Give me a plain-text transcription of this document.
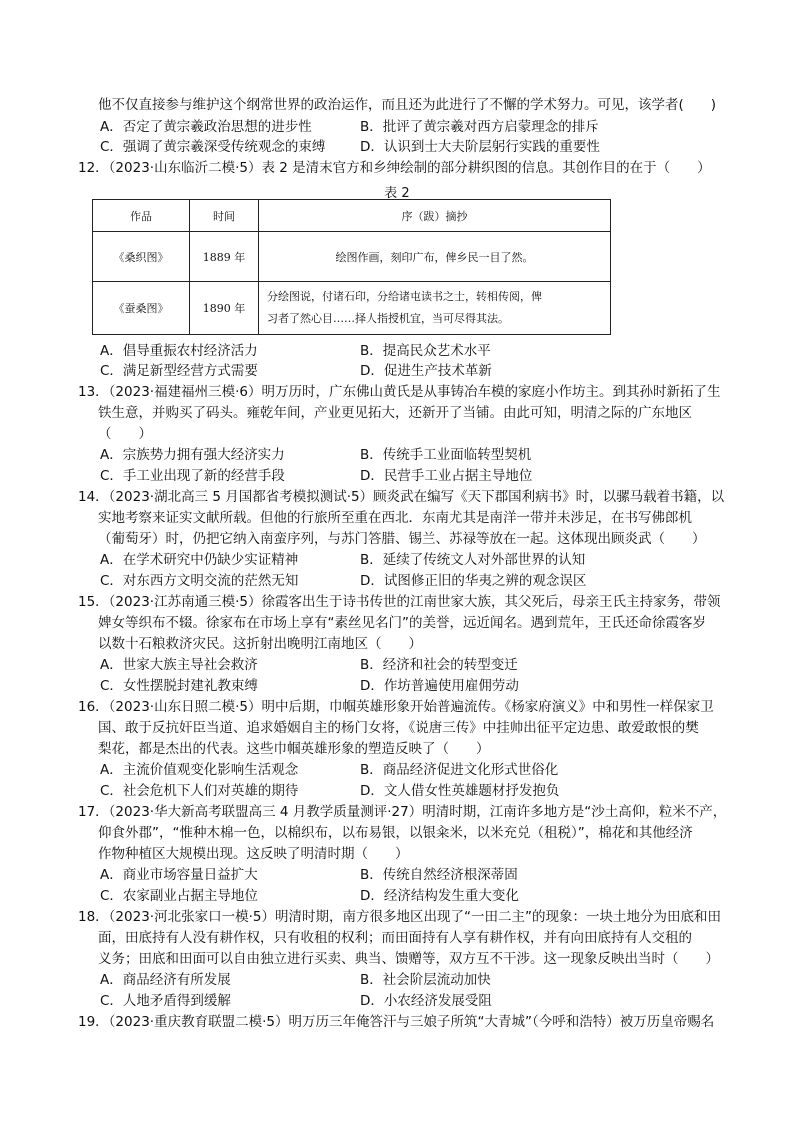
他不仅直接参与维护这个纲常世界的政治运作，而且还为此进行了不懈的学术努力。可见，该学者(　　)
A．否定了黄宗羲政治思想的进步性	B．批评了黄宗羲对西方启蒙理念的排斥
C．强调了黄宗羲深受传统观念的束缚	D．认识到士大夫阶层躬行实践的重要性
12．（2023·山东临沂二模·5）表 2 是清末官方和乡绅绘制的部分耕织图的信息。其创作目的在于（　　）
表 2
作品	时间	序（跋）摘抄
《桑织图》	1889 年	绘图作画，刻印广布，俾乡民一目了然。
《蚕桑图》	1890 年	分绘图说，付诸石印，分给诸屯读书之士，转相传阅，俾
习者了然心目……择人指授机宜，当可尽得其法。
A．倡导重振农村经济活力	B．提高民众艺术水平
C．满足新型经营方式需要	D．促进生产技术革新
13．（2023·福建福州三模·6）明万历时，广东佛山黄氏是从事铸冶车模的家庭小作坊主。到其孙时新拓了生
铁生意，并购买了码头。雍乾年间，产业更见拓大，还新开了当铺。由此可知，明清之际的广东地区
（　　）
A．宗族势力拥有强大经济实力	B．传统手工业面临转型契机
C．手工业出现了新的经营手段	D．民营手工业占据主导地位
14．（2023·湖北高三 5 月国都省考模拟测试·5）顾炎武在编写《天下郡国利病书》时，以骡马载着书籍，以
实地考察来证实文献所载。但他的行旅所至重在西北．东南尤其是南洋一带并未涉足，在书写佛郎机
（葡萄牙）时，仍把它纳入南蛮序列，与苏门答腊、锡兰、苏禄等放在一起。这体现出顾炎武（　　）
A．在学术研究中仍缺少实证精神	B．延续了传统文人对外部世界的认知
C．对东西方文明交流的茫然无知	D．试图修正旧的华夷之辨的观念误区
15．（2023·江苏南通三模·5）徐霞客出生于诗书传世的江南世家大族，其父死后，母亲王氏主持家务，带领
婢女等织布不辍。徐家布在市场上享有“素丝见名门”的美誉，远近闻名。遇到荒年，王氏还命徐霞客岁
以数十石粮救济灾民。这折射出晚明江南地区（　　）
A．世家大族主导社会救济	B．经济和社会的转型变迁
C．女性摆脱封建礼教束缚	D．作坊普遍使用雇佣劳动
16．（2023·山东日照二模·5）明中后期，巾帼英雄形象开始普遍流传。《杨家府演义》中和男性一样保家卫
国、敢于反抗奸臣当道、追求婚姻自主的杨门女将，《说唐三传》中挂帅出征平定边患、敢爱敢恨的樊
梨花，都是杰出的代表。这些巾帼英雄形象的塑造反映了（　　）
A．主流价值观变化影响生活观念	B．商品经济促进文化形式世俗化
C．社会危机下人们对英雄的期待	D．文人借女性英雄题材抒发抱负
17．（2023·华大新高考联盟高三 4 月教学质量测评·27）明清时期，江南许多地方是“沙土高仰，粒米不产，
仰食外郡”，“惟种木棉一色，以棉织布，以布易银，以银籴米，以米充兑（租税）”，棉花和其他经济
作物种植区大规模出现。这反映了明清时期（　　）
A．商业市场容量日益扩大	B．传统自然经济根深蒂固
C．农家副业占据主导地位	D．经济结构发生重大变化
18．（2023·河北张家口一模·5）明清时期，南方很多地区出现了“一田二主”的现象：一块土地分为田底和田
面，田底持有人没有耕作权，只有收租的权利；而田面持有人享有耕作权，并有向田底持有人交租的
义务；田底和田面可以自由独立进行买卖、典当、馈赠等，双方互不干涉。这一现象反映出当时（　　）
A．商品经济有所发展	B．社会阶层流动加快
C．人地矛盾得到缓解	D．小农经济发展受阻
19．（2023·重庆教育联盟二模·5）明万历三年俺答汗与三娘子所筑“大青城”（今呼和浩特）被万历皇帝赐名
